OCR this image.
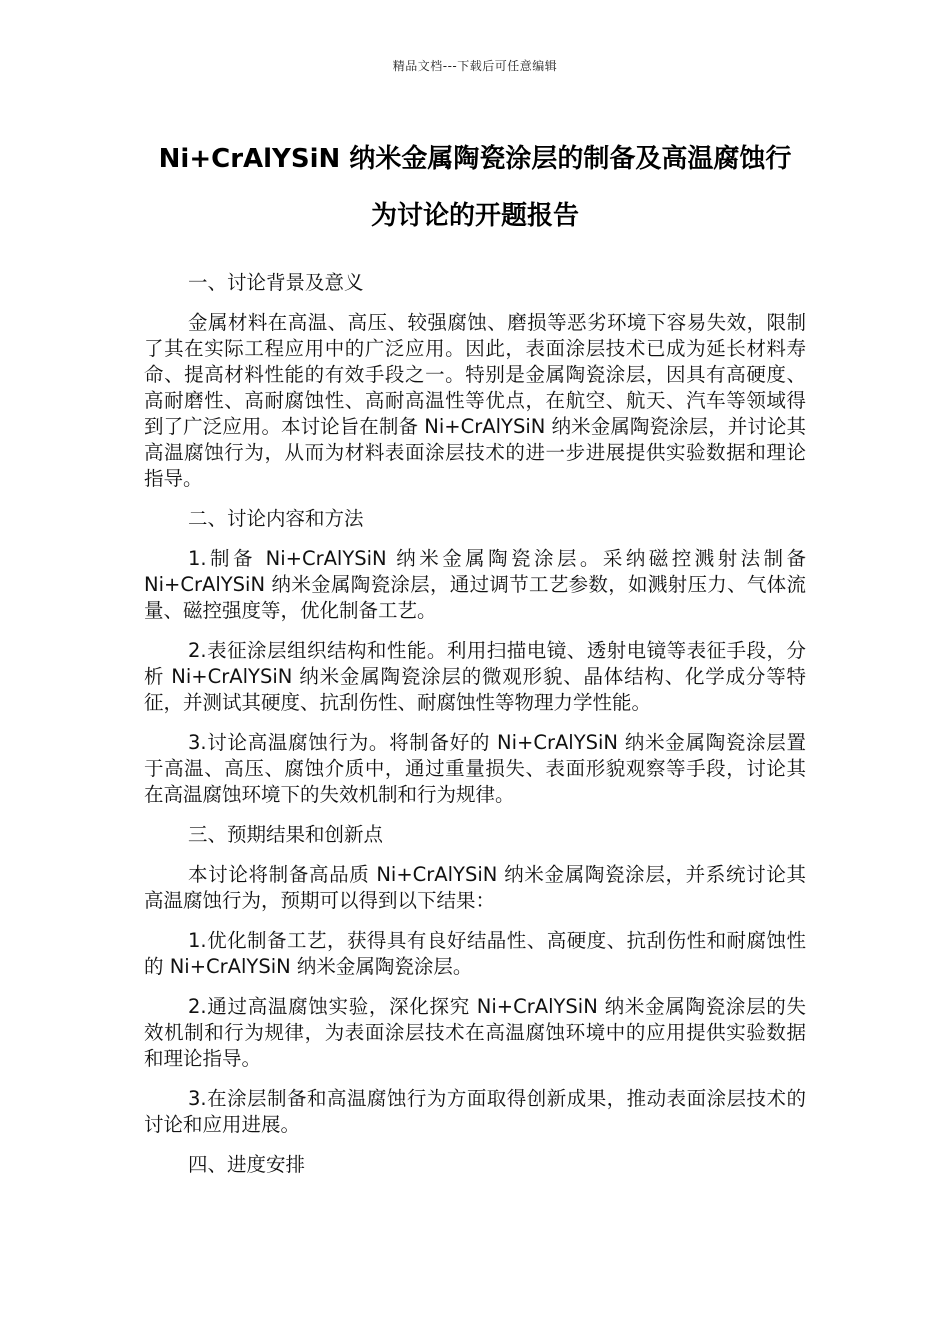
精品文档---下载后可任意编辑
Ni+CrAlYSiN 纳米金属陶瓷涂层的制备及高温腐蚀行
为讨论的开题报告

一、讨论背景及意义

金属材料在高温、高压、较强腐蚀、磨损等恶劣环境下容易失效，限制了其在实际工程应用中的广泛应用。因此，表面涂层技术已成为延长材料寿命、提高材料性能的有效手段之一。特别是金属陶瓷涂层，因具有高硬度、高耐磨性、高耐腐蚀性、高耐高温性等优点，在航空、航天、汽车等领域得到了广泛应用。本讨论旨在制备 Ni+CrAlYSiN 纳米金属陶瓷涂层，并讨论其高温腐蚀行为，从而为材料表面涂层技术的进一步进展提供实验数据和理论指导。

二、讨论内容和方法

1.制备 Ni+CrAlYSiN 纳米金属陶瓷涂层。采纳磁控溅射法制备 Ni+CrAlYSiN 纳米金属陶瓷涂层，通过调节工艺参数，如溅射压力、气体流量、磁控强度等，优化制备工艺。

2.表征涂层组织结构和性能。利用扫描电镜、透射电镜等表征手段，分析 Ni+CrAlYSiN 纳米金属陶瓷涂层的微观形貌、晶体结构、化学成分等特征，并测试其硬度、抗刮伤性、耐腐蚀性等物理力学性能。

3.讨论高温腐蚀行为。将制备好的 Ni+CrAlYSiN 纳米金属陶瓷涂层置于高温、高压、腐蚀介质中，通过重量损失、表面形貌观察等手段，讨论其在高温腐蚀环境下的失效机制和行为规律。

三、预期结果和创新点

本讨论将制备高品质 Ni+CrAlYSiN 纳米金属陶瓷涂层，并系统讨论其高温腐蚀行为，预期可以得到以下结果：

1.优化制备工艺，获得具有良好结晶性、高硬度、抗刮伤性和耐腐蚀性的 Ni+CrAlYSiN 纳米金属陶瓷涂层。

2.通过高温腐蚀实验，深化探究 Ni+CrAlYSiN 纳米金属陶瓷涂层的失效机制和行为规律，为表面涂层技术在高温腐蚀环境中的应用提供实验数据和理论指导。

3.在涂层制备和高温腐蚀行为方面取得创新成果，推动表面涂层技术的讨论和应用进展。

四、进度安排
